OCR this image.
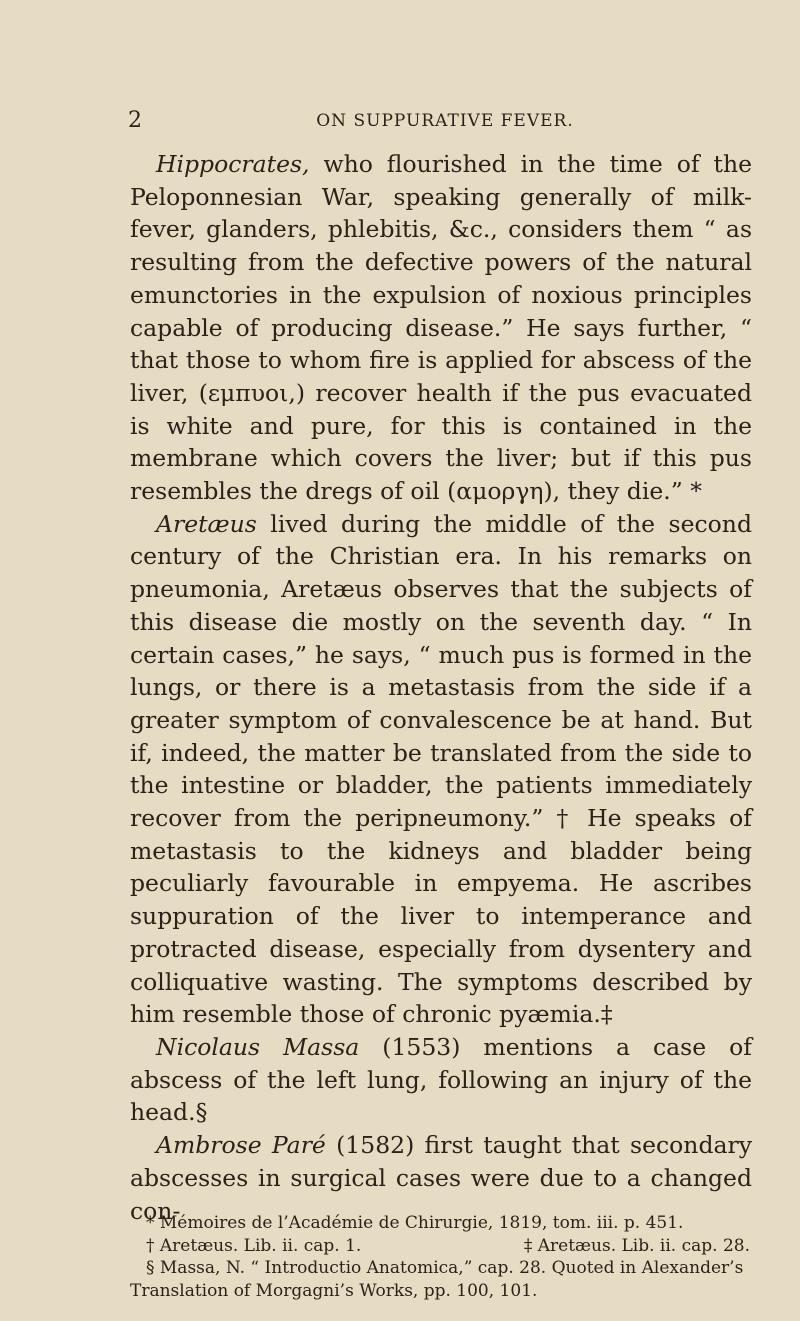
2	ON SUPPURATIVE FEVER.

Hippocrates, who flourished in the time of the Peloponnesian War, speaking generally of milk-fever, glanders, phlebitis, &c., considers them “ as resulting from the defective powers of the natural emunctories in the expulsion of noxious principles capable of producing disease.” He says further, “ that those to whom fire is applied for abscess of the liver, (εμπυοι,) recover health if the pus evacuated is white and pure, for this is contained in the membrane which covers the liver; but if this pus resembles the dregs of oil (αμοργη), they die.” *

Aretæus lived during the middle of the second century of the Christian era. In his remarks on pneumonia, Aretæus observes that the subjects of this disease die mostly on the seventh day. “ In certain cases,” he says, “ much pus is formed in the lungs, or there is a metastasis from the side if a greater symptom of convalescence be at hand. But if, indeed, the matter be translated from the side to the intestine or bladder, the patients immediately recover from the peripneumony.” † He speaks of metastasis to the kidneys and bladder being peculiarly favourable in empyema. He ascribes suppuration of the liver to intemperance and protracted disease, especially from dysentery and colliquative wasting. The symptoms described by him resemble those of chronic pyæmia.‡

Nicolaus Massa (1553) mentions a case of abscess of the left lung, following an injury of the head.§

Ambrose Paré (1582) first taught that secondary abscesses in surgical cases were due to a changed con-

* Mémoires de l’Académie de Chirurgie, 1819, tom. iii. p. 451.

† Aretæus. Lib. ii. cap. 1.	‡ Aretæus. Lib. ii. cap. 28.

§ Massa, N. “ Introductio Anatomica,” cap. 28. Quoted in Alexander’s Translation of Morgagni’s Works, pp. 100, 101.
